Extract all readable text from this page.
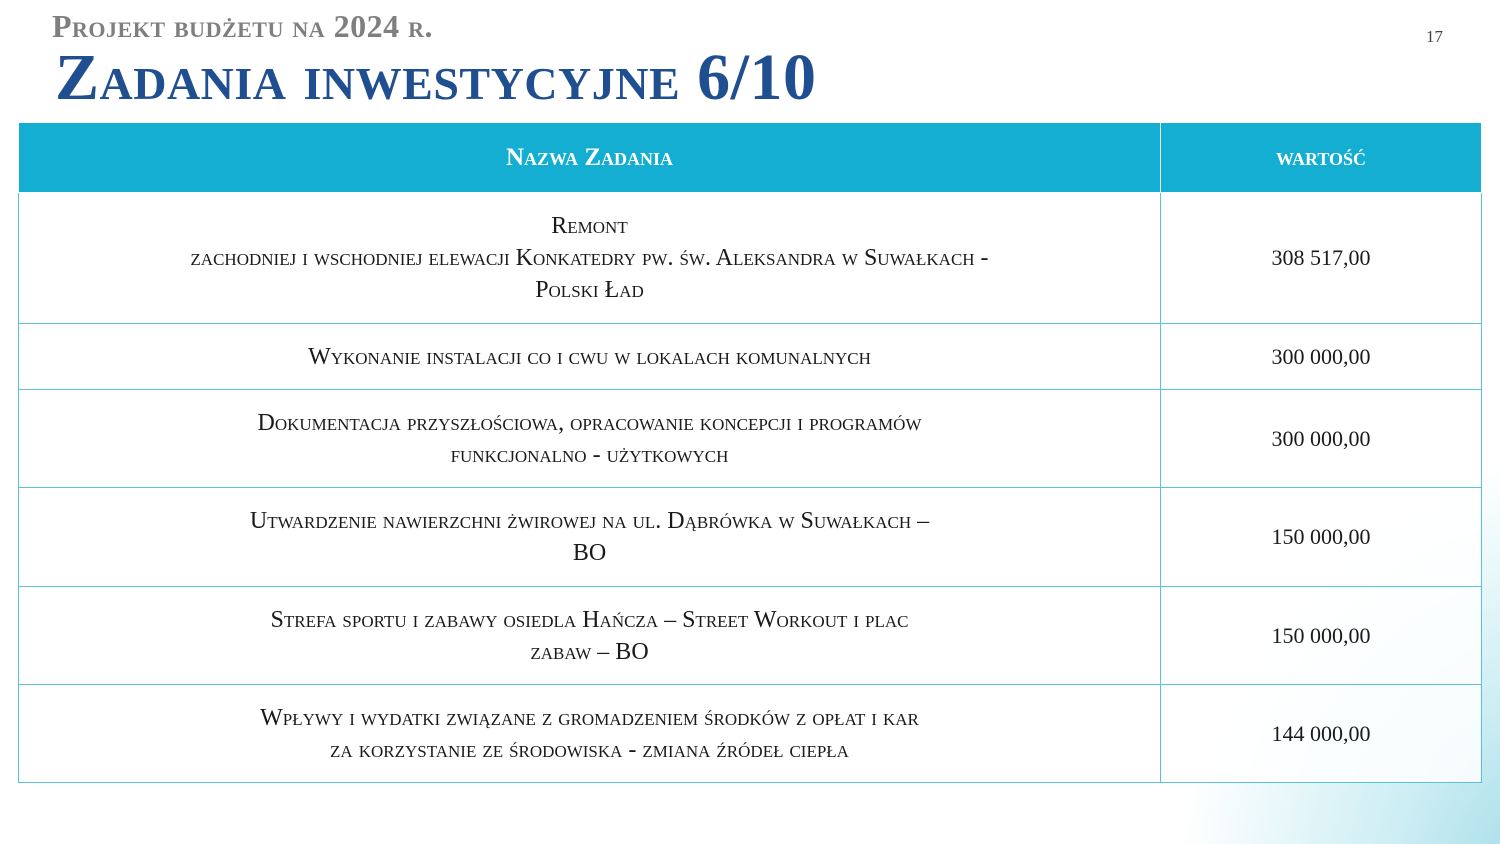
Projekt budżetu na 2024 r.
Zadania inwestycyjne 6/10
17
Nazwa Zadania	wartość

Remont
zachodniej i wschodniej elewacji Konkatedry pw. św. Aleksandra w Suwałkach -
Polski Ład	308 517,00

Wykonanie instalacji co i cwu w lokalach komunalnych	300 000,00

Dokumentacja przyszłościowa, opracowanie koncepcji i programów
funkcjonalno - użytkowych	300 000,00

Utwardzenie nawierzchni żwirowej na ul. Dąbrówka w Suwałkach –
BO	150 000,00

Strefa sportu i zabawy osiedla Hańcza – Street Workout i plac
zabaw – BO	150 000,00

Wpływy i wydatki związane z gromadzeniem środków z opłat i kar
za korzystanie ze środowiska - zmiana źródeł ciepła	144 000,00
